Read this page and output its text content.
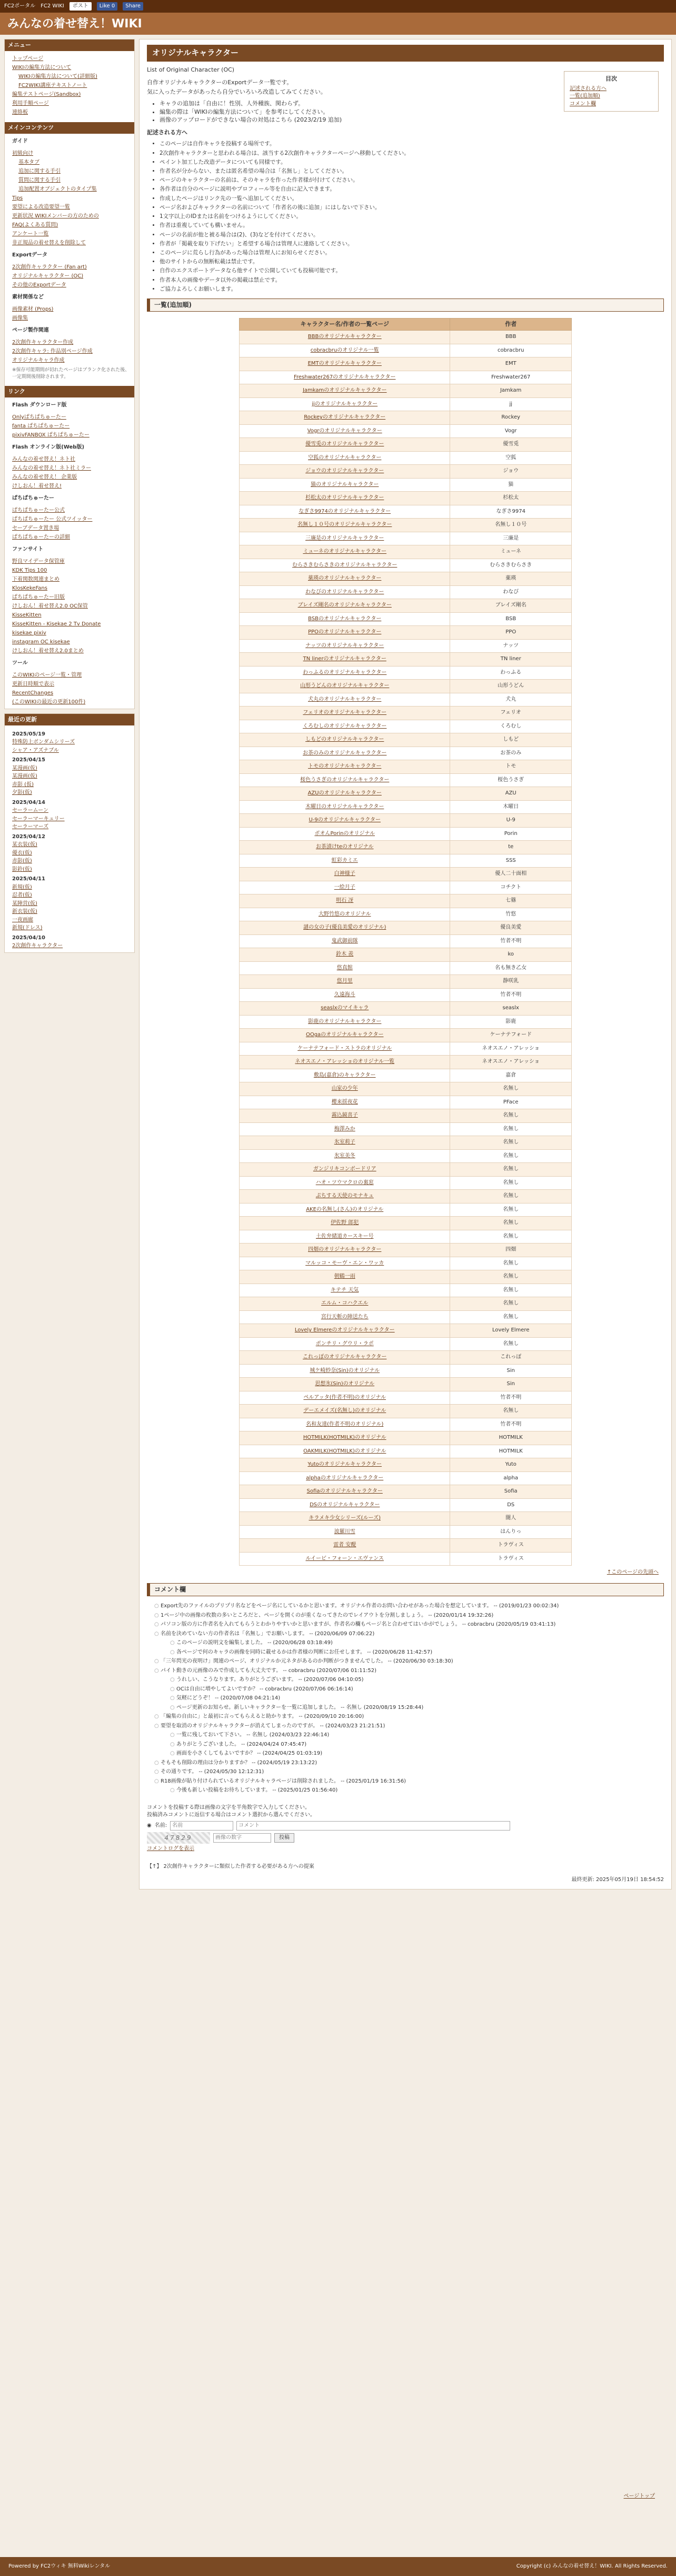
FC2ポータル FC2 WIKI	ポスト	Like 0	Share
みんなの着せ替え！WIKI
メニュー
トップページ
WIKIの編集方法について
WIKIの編集方法について(詳細版)
FC2WIKI講座テキストノート
編集テストページ(Sandbox)
利用手順ページ
連絡板
メインコンテンツ
ガイド
初級向け
基本タブ
追加に関する手引
質問に関する手引
追加配置オブジェクトのタイプ集
Tips
要望による改造要望一覧
更新状況 WIKIメンバーの方のための
FAQ(よくある質問)
アンケート一覧
非正規品の着せ替えを削除して
Exportデータ
2次創作キャラクター (Fan art)
オリジナルキャラクター (OC)
その他のExportデータ
素材関係など
画像素材 (Props)
画像集
ページ製作関連
2次創作キャラクター作成
2次創作キャラ: 作品別ページ作成
オリジナルキャラ作成
※保存可能期間が切れたページはブランク化された後、一定期間後削除されます。
リンク
Flash ダウンロード版
Onlyぱちぱちゅーたー
fanta ぱちぱちゅーたー
pixivFANBOX ぱちぱちゅーたー
Flash オンライン版(Web版)
みんなの着せ替え！ネト社
みんなの着せ替え！ネト社ミラー
みんなの着せ替え！ 企業版
けしおん！着せ替え!
ぱちぱちゅーたー
ぱちぱちゅーたー公式
ぱちぱちゅーたー 公式ツイッター
セーブデータ置き場
ぱちぱちゅーたーの詳細
ファンサイト
野良マイデータ保管庫
KDK Tips 100
下着関数関連まとめ
KlosKekeFans
ぱちぱちゅーたー旧版
けしおん！着せ替え2.0 OC保管
KisseKitten
KisseKitten - Kisekae 2 Tv Donate
kisekae pixiv
instagram OC kisekae
けしおん！着せ替え2.0まとめ
ツール
このWIKIのページ一覧・管理
更新日時順で表示
RecentChanges
(このWIKIの最近の更新100件)
最近の更新
2025/05/19
特殊防上ボンダムシリーズ
シャア・アズナブル
2025/04/15
某漫画(仮)
某漫画(仮)
赤影 (仮)
夕影(仮)
2025/04/14
セーラームーン
セーラーマーキュリー
セーラーマーズ
2025/04/12
某衣装(仮)
優衣(仮)
赤影(仮)
影鈴(仮)
2025/04/11
新規(仮)
忍者(仮)
某陣営(仮)
新衣装(仮)
一夜画廊
新規(ドレス)
2025/04/10
2次創作キャラクター
オリジナルキャラクター
目次
記述される方へ
一覧(追加順)
コメント欄

List of Original Character (OC)

自作オリジナルキャラクターのExportデータ一覧です。

気に入ったデータがあったら自分でいろいろ改造してみてください。

• キャラの追加は「自由に！性別、人外種族、関わらず。
• 編集の際は「WIKIの編集方法について」を参考にしてください。
• 画像のアップロードができない場合の対処はこちら (2023/2/19 追加)
記述される方へ
• このページは自作キャラを投稿する場所です。
• 2次創作キャラクターと思われる場合は、該当する2次創作キャラクターページへ移動してください。
• ペイント加工した改造データについても同様です。
• 作者名が分からない、または匿名希望の場合は「名無し」としてください。
• ページのキャラクターの名前は、そのキャラを作った作者様が付けてください。
• 各作者は自分のページに説明やプロフィール等を自由に記入できます。
• 作成したページはリンク先の一覧へ追加してください。
• ページ名およびキャラクターの名前について「作者名の後に追加」にはしないで下さい。
• 1文字以上のIDまたは名前をつけるようにしてください。
• 作者は重複していても構いません。
• ページの名前が他と被る場合は(2)、(3)などを付けてください。
• 作者が「掲載を取り下げたい」と希望する場合は管理人に連絡してください。
• このページに荒らし行為があった場合は管理人にお知らせください。
• 他のサイトからの無断転載は禁止です。
• 自作のエクスポートデータなら他サイトで公開していても投稿可能です。
• 作者本人の画像やデータ以外の掲載は禁止です。
• ご協力よろしくお願いします。
一覧(追加順)
キャラクター名/作者の一覧ページ	作者
BBBのオリジナルキャラクター	BBB
cobracbruのオリジナル一覧	cobracbru
EMTのオリジナルキャラクター	EMT
Freshwater267のオリジナルキャラクター	Freshwater267
Jamkamのオリジナルキャラクター	Jamkam
jjのオリジナルキャラクター	jj
Rockeyのオリジナルキャラクター	Rockey
Vogrのオリジナルキャラクター	Vogr
優雪兎のオリジナルキャラクター	優雪兎
空狐のオリジナルキャラクター	空狐
ジョウのオリジナルキャラクター	ジョウ
猫のオリジナルキャラクター	猫
杉松太のオリジナルキャラクター	杉松太
なぎさ9974のオリジナルキャラクター	なぎさ9974
名無し１０号のオリジナルキャラクター	名無し１０号
三廉是のオリジナルキャラクター	三廉是
ミューネのオリジナルキャラクター	ミューネ
むらさきむらさきのオリジナルキャラクター	むらさきむらさき
薬瑛のオリジナルキャラクター	薬瑛
わなびのオリジナルキャラクター	わなび
ブレイズ剛名のオリジナルキャラクター	ブレイズ剛名
BSBのオリジナルキャラクター	BSB
PPOのオリジナルキャラクター	PPO
ナッツのオリジナルキャラクター	ナッツ
TN linerのオリジナルキャラクター	TN liner
わっふるのオリジナルキャラクター	わっふる
山形うどんのオリジナルキャラクター	山形うどん
犬丸のオリジナルキャラクター	犬丸
フェリオのオリジナルキャラクター	フェリオ
くろむしのオリジナルキャラクター	くろむし
しもどのオリジナルキャラクター	しもど
お茶のみのオリジナルキャラクター	お茶のみ
トモのオリジナルキャラクター	トモ
桜色うさぎのオリジナルキャラクター	桜色うさぎ
AZUのオリジナルキャラクター	AZU
木曜日のオリジナルキャラクター	木曜日
U-9のオリジナルキャラクター	U-9
ポオんPorinのオリジナル	Porin
お茶漬けteのオリジナル	te
虹彩カミエ	SSS
白神様子	優人二十面相
一絵月子	コチクト
明石 冴	七篠
大野竹悠のオリジナル	竹悠
謎の女の子(優良美愛のオリジナル)	優良美愛
鬼武御前隊	竹者不明
鈴木 羨	ko
悠真館	名も無き乙女
悠月里	静咲乳
久遠海斗	竹者不明
seaslxのマイキャラ	seaslx
影鹿のオリジナルキャラクター	影鹿
OOgaのオリジナルキャラクター	ケーナテフォード
ケーナテフォード・ストラのオリジナル	ネオスエノ・アレッショ
ネオスエノ・アレッショのオリジナル一覧	ネオスエノ・アレッショ
敷島(嘉倉)のキャラクター	嘉倉
山家の少年	名無し
櫻来揺夜花	PFace
霧込鏡喜子	名無し
梅澤みか	名無し
氷室莉子	名無し
氷室美冬	名無し
ガンジリキコンボードリア	名無し
ハオ・ツウマクロの裏窓	名無し
ぷちする天使のモナキュ	名無し
AKEの名無し(さん)のオリジナル	名無し
伊佐野 郎犯	名無し
土佐弁緒道カースキー号	名無し
四畑のオリジナルキャラクター	四畑
マルッコ・モーヴ・エン・ワッカ	名無し
朝鶴一雨	名無し
キテチ 天気	名無し
エルム・コハクエル	名無し
宮行天斬の陣送たち	名無し
Lovely Elmereのオリジナルキャラクター	Lovely Elmere
ポンチリ・グウリ・ラポ	名無し
これっぽのオリジナルキャラクター	これっぽ
城ケ崎紗奈(Sin)のオリジナル	Sin
思想氷(Sin)のオリジナル	Sin
ペルアッタ(作者不明)のオリジナル	竹者不明
デーエメイズ(名無し)のオリジナル	名無し
名和友達(作者不明のオリジナル)	竹者不明
HOTMILK(HOTMILK)のオリジナル	HOTMILK
OAKMILK(HOTMILK)のオリジナル	HOTMILK
Yutoのオリジナルキャラクター	Yuto
alphaのオリジナルキャラクター	alpha
Sofiaのオリジナルキャラクター	Sofia
DSのオリジナルキャラクター	DS
キラメキ少女シリーズ(ルーズ)	闇人
波羅川雪	はんりっ
雷者 安醍	トラヴィス
ルイービ・フォーン・エヴァンス	トラヴィス
↑このページの先頭へ
コメント欄
○ Export先のファイルのプリプリ名などをページ名にしているかと思います。オリジナル作者のお問い合わせがあった場合を想定しています。 -- (2019/01/23 00:02:34)
○ 1ページ中の画像の枚数の多いところだと、ページを開くのが重くなってきたのでレイアウトを分割しましょう。 -- (2020/01/14 19:32:26)
○ パソコン版の方に作者名を入れてもらうとわかりやすいかと思いますが、作者名の欄もページ名と合わせてはいかがでしょう。 -- cobracbru (2020/05/19 03:41:13)
○ 名前を決めていない方の作者名は「名無し」でお願いします。 -- (2020/06/09 07:06:22)
○ このページの説明文を編集しました。 -- (2020/06/28 03:18:49)
○ 各ページで何のキャラの画像を同時に載せるかは作者様の判断にお任せします。 -- (2020/06/28 11:42:57)
○ 「三年閃光の夜明け」関連のページ、オリジナルか元ネタがあるのか判断がつきませんでした。 -- (2020/06/30 03:18:30)
○ パイト動きの元画像のみで作成しても大丈夫です。 -- cobracbru (2020/07/06 01:11:52)
○ うれしい、こうなります。ありがとうございます。 -- (2020/07/06 04:10:05)
○ OCは自由に増やしてよいですか？ -- cobracbru (2020/07/06 06:16:14)
○ 気軽にどうぞ！ -- (2020/07/08 04:21:14)
○ ページ更新のお知らせ。新しいキャラクターを一覧に追加しました。 -- 名無し (2020/08/19 15:28:44)
○ 「編集の自由に」と最初に言ってもらえると助かります。 -- (2020/09/10 20:16:00)
○ 要望を取消のオリジナルキャラクターが消えてしまったのですが。 -- (2024/03/23 21:21:51)
○ 一覧に残しておいて下さい。 -- 名無し (2024/03/23 22:46:14)
○ ありがとうございました。 -- (2024/04/24 07:45:47)
○ 画面を小さくしてもよいですか？ -- (2024/04/25 01:03:19)
○ そもそも削除の理由は分かりますか？ -- (2024/05/19 23:13:22)
○ その通りです。 -- (2024/05/30 12:12:31)
○ R18画像が貼り付けられているオリジナルキャラページは削除されました。 -- (2025/01/19 16:31:56)
○ 今後も新しい投稿をお待ちしています。 -- (2025/01/25 01:56:40)
コメントを投稿する際は画像の文字を半角数字で入力してください。
投稿済みコメントに返信する場合はコメント選択から選んでください。
◉ 名前:
名前
コメント
47829
画像の数字	投稿
コメントログを表示
【↑】 2次創作キャラクターに類似した作者する必要がある方への提案
最終更新: 2025年05月19日 18:54:52
ページトップ
Powered by FC2ウィキ 無料Wikiレンタル	Copyright (c) みんなの着せ替え！WIKI. All Rights Reserved.
